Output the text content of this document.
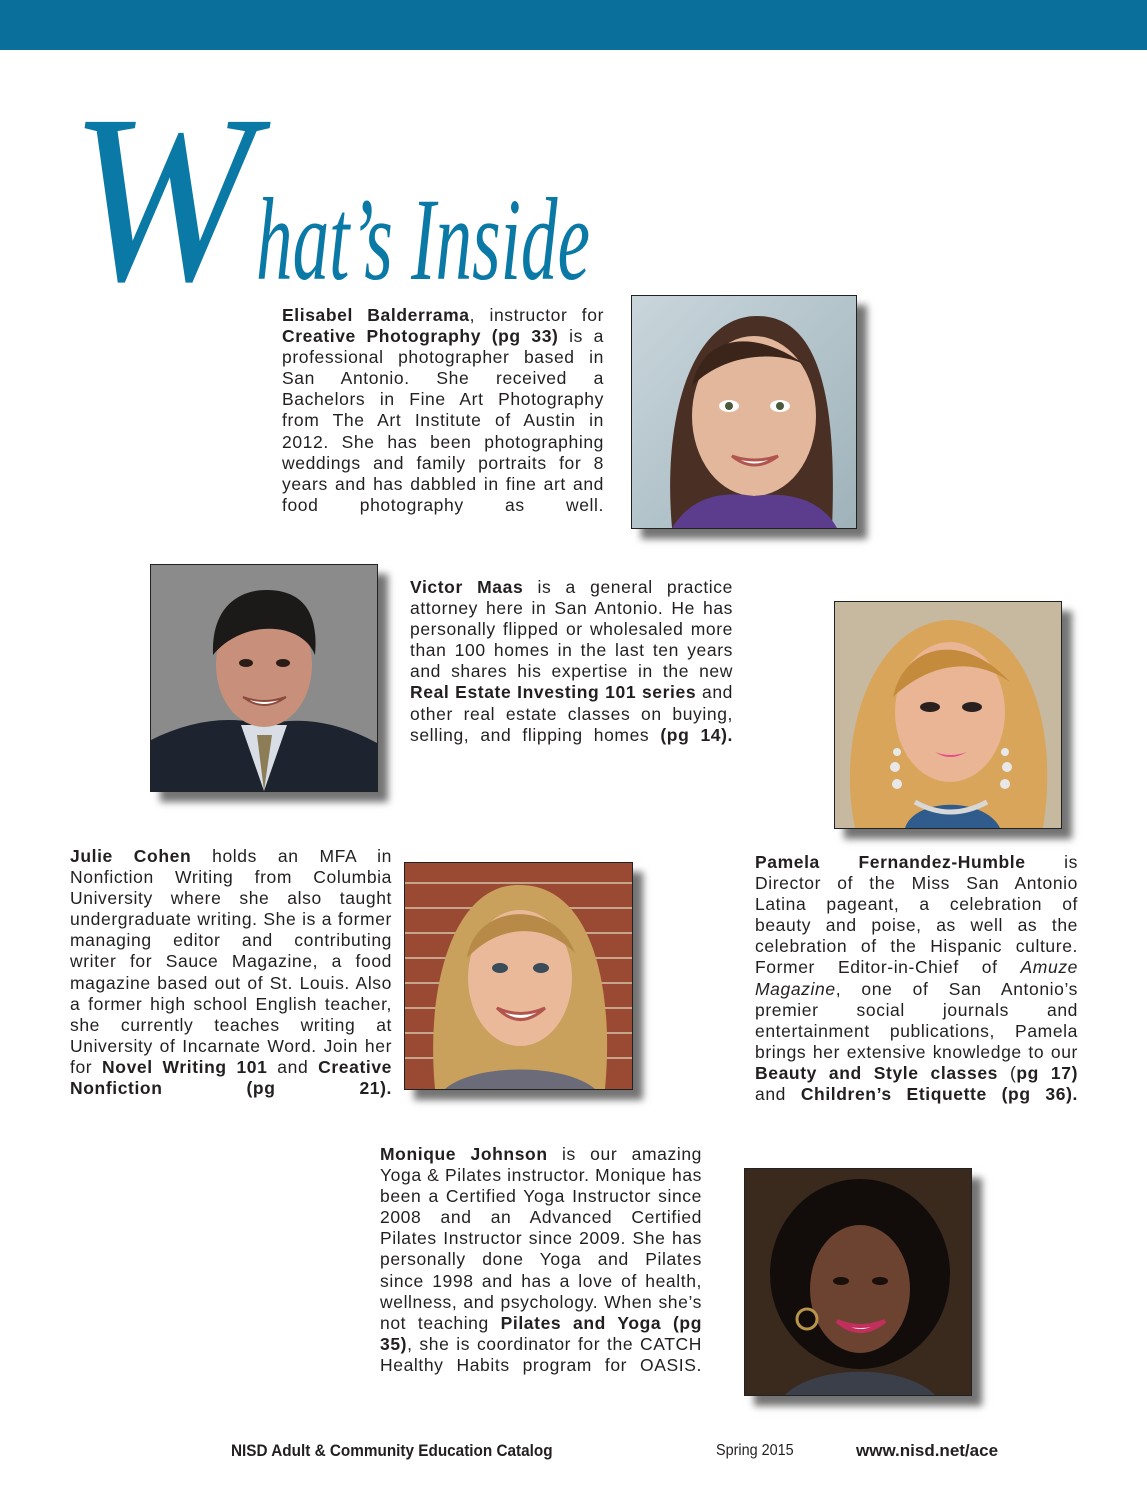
What’s Inside
Elisabel Balderrama, instructor for Creative Photography (pg 33) is a professional photographer based in San Antonio. She received a Bachelors in Fine Art Photography from The Art Institute of Austin in 2012. She has been photographing weddings and family portraits for 8 years and has dabbled in fine art and food photography as well.
Victor Maas is a general practice attorney here in San Antonio. He has personally flipped or wholesaled more than 100 homes in the last ten years and shares his expertise in the new Real Estate Investing 101 series and other real estate classes on buying, selling, and flipping homes (pg 14).
Pamela Fernandez-Humble is Director of the Miss San Antonio Latina pageant, a celebration of beauty and poise, as well as the celebration of the Hispanic culture. Former Editor-in-Chief of Amuze Magazine, one of San Antonio’s premier social journals and entertainment publications, Pamela brings her extensive knowledge to our Beauty and Style classes (pg 17) and Children’s Etiquette (pg 36).
Julie Cohen holds an MFA in Nonfiction Writing from Columbia University where she also taught undergraduate writing. She is a former managing editor and contributing writer for Sauce Magazine, a food magazine based out of St. Louis. Also a former high school English teacher, she currently teaches writing at University of Incarnate Word. Join her for Novel Writing 101 and Creative Nonfiction (pg 21).
Monique Johnson is our amazing Yoga & Pilates instructor. Monique has been a Certified Yoga Instructor since 2008 and an Advanced Certified Pilates Instructor since 2009. She has personally done Yoga and Pilates since 1998 and has a love of health, wellness, and psychology. When she’s not teaching Pilates and Yoga (pg 35), she is coordinator for the CATCH Healthy Habits program for OASIS.
NISD Adult & Community Education Catalog	Spring 2015	www.nisd.net/ace
